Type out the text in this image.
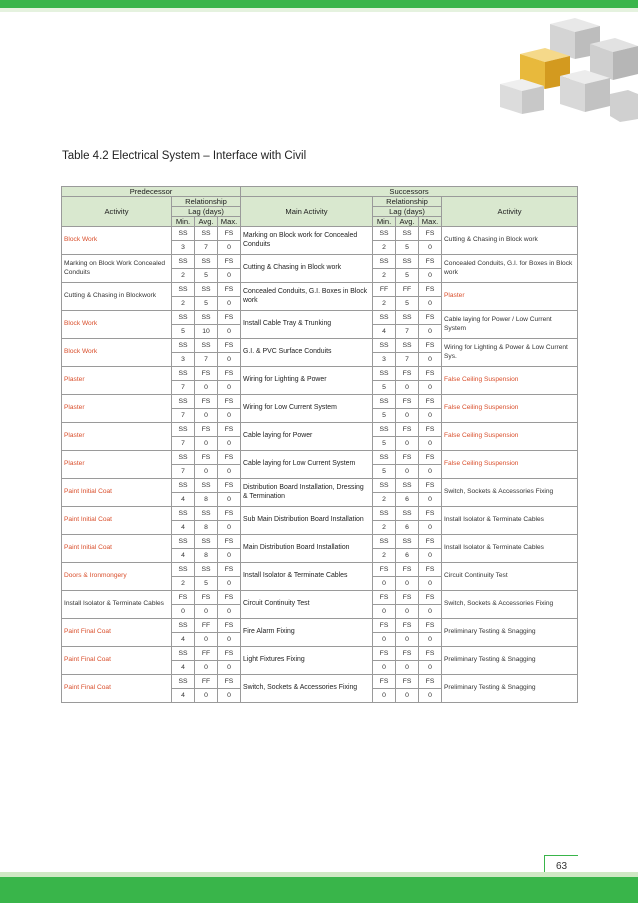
Table 4.2 Electrical System – Interface with Civil
Predecessor				Successors				
Activity	Relationship			Main Activity	Relationship			Activity
	Lag (days)				Lag (days)			
	Min.	Avg.	Max.		Min.	Avg.	Max.	
Block Work	SS	SS	FS	Marking on Block work for Concealed Conduits	SS	SS	FS	Cutting & Chasing in Block work
	3	7	0		2	5	0	
Marking on Block Work Concealed Conduits	SS	SS	FS	Cutting & Chasing in Block work	SS	SS	FS	Concealed Conduits, G.I. for Boxes in Block work
	2	5	0		2	5	0	
Cutting & Chasing in Blockwork	SS	SS	FS	Concealed Conduits, G.I. Boxes in Block work	FF	FF	FS	Plaster
	2	5	0		2	5	0	
Block Work	SS	SS	FS	Install Cable Tray & Trunking	SS	SS	FS	Cable laying for Power / Low Current System
	5	10	0		4	7	0	
Block Work	SS	SS	FS	G.I. & PVC Surface Conduits	SS	SS	FS	Wiring for Lighting & Power & Low Current Sys.
	3	7	0		3	7	0	
Plaster	SS	FS	FS	Wiring for Lighting & Power	SS	FS	FS	False Ceiling Suspension
	7	0	0		5	0	0	
Plaster	SS	FS	FS	Wiring for Low Current System	SS	FS	FS	False Ceiling Suspension
	7	0	0		5	0	0	
Plaster	SS	FS	FS	Cable laying for Power	SS	FS	FS	False Ceiling Suspension
	7	0	0		5	0	0	
Plaster	SS	FS	FS	Cable laying for Low Current System	SS	FS	FS	False Ceiling Suspension
	7	0	0		5	0	0	
Paint Initial Coat	SS	SS	FS	Distribution Board Installation, Dressing & Termination	SS	SS	FS	Switch, Sockets & Accessories Fixing
	4	8	0		2	6	0	
Paint Initial Coat	SS	SS	FS	Sub Main Distribution Board Installation	SS	SS	FS	Install Isolator & Terminate Cables
	4	8	0		2	6	0	
Paint Initial Coat	SS	SS	FS	Main Distribution Board Installation	SS	SS	FS	Install Isolator & Terminate Cables
	4	8	0		2	6	0	
Doors & Ironmongery	SS	SS	FS	Install Isolator & Terminate Cables	FS	FS	FS	Circuit Continuity Test
	2	5	0		0	0	0	
Install Isolator & Terminate Cables	FS	FS	FS	Circuit Continuity Test	FS	FS	FS	Switch, Sockets & Accessories Fixing
	0	0	0		0	0	0	
Paint Final Coat	SS	FF	FS	Fire Alarm Fixing	FS	FS	FS	Preliminary Testing & Snagging
	4	0	0		0	0	0	
Paint Final Coat	SS	FF	FS	Light Fixtures Fixing	FS	FS	FS	Preliminary Testing & Snagging
	4	0	0		0	0	0	
Paint Final Coat	SS	FF	FS	Switch, Sockets & Accessories Fixing	FS	FS	FS	Preliminary Testing & Snagging
	4	0	0		0	0	0	
63
